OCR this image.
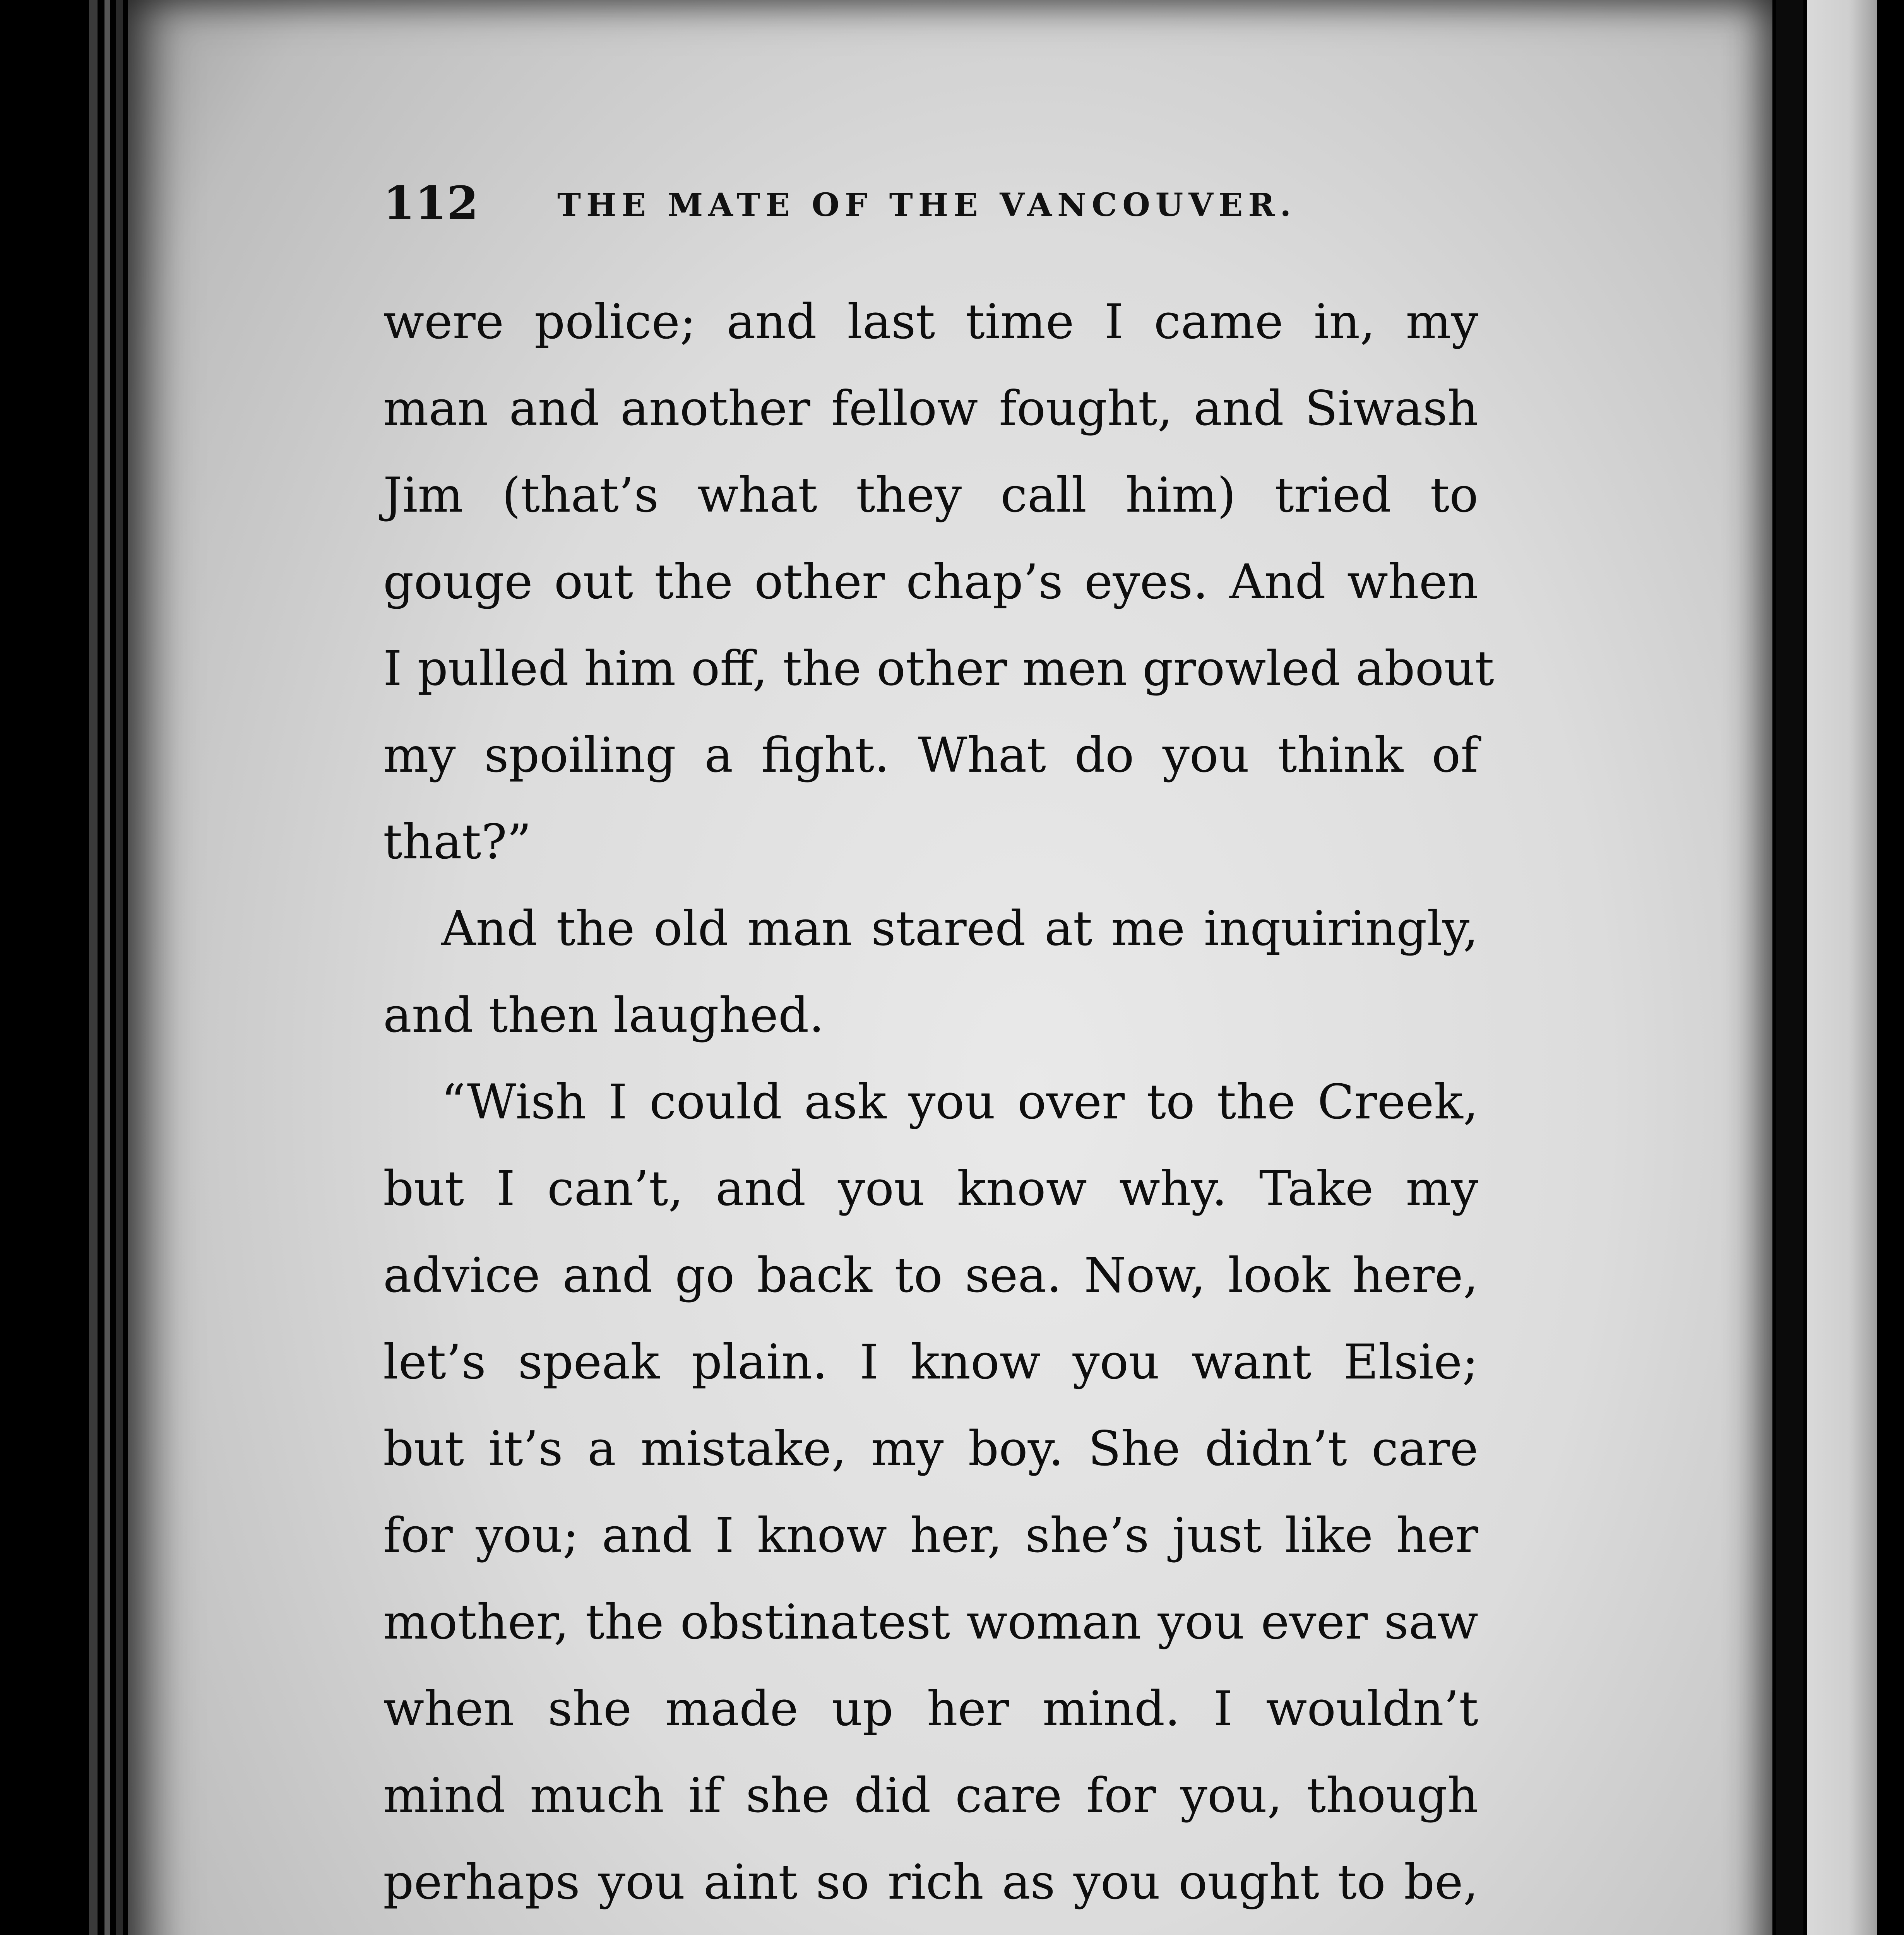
112 THE MATE OF THE VANCOUVER.
were police; and last time I came in, my
man and another fellow fought, and Siwash
Jim (that’s what they call him) tried to
gouge out the other chap’s eyes. And when
I pulled him off, the other men growled about
my spoiling a fight. What do you think of
that?”
And the old man stared at me inquiringly,
and then laughed.
“Wish I could ask you over to the Creek,
but I can’t, and you know why. Take my
advice and go back to sea. Now, look here,
let’s speak plain. I know you want Elsie;
but it’s a mistake, my boy. She didn’t care
for you; and I know her, she’s just like her
mother, the obstinatest woman you ever saw
when she made up her mind. I wouldn’t
mind much if she did care for you, though
perhaps you aint so rich as you ought to be,
